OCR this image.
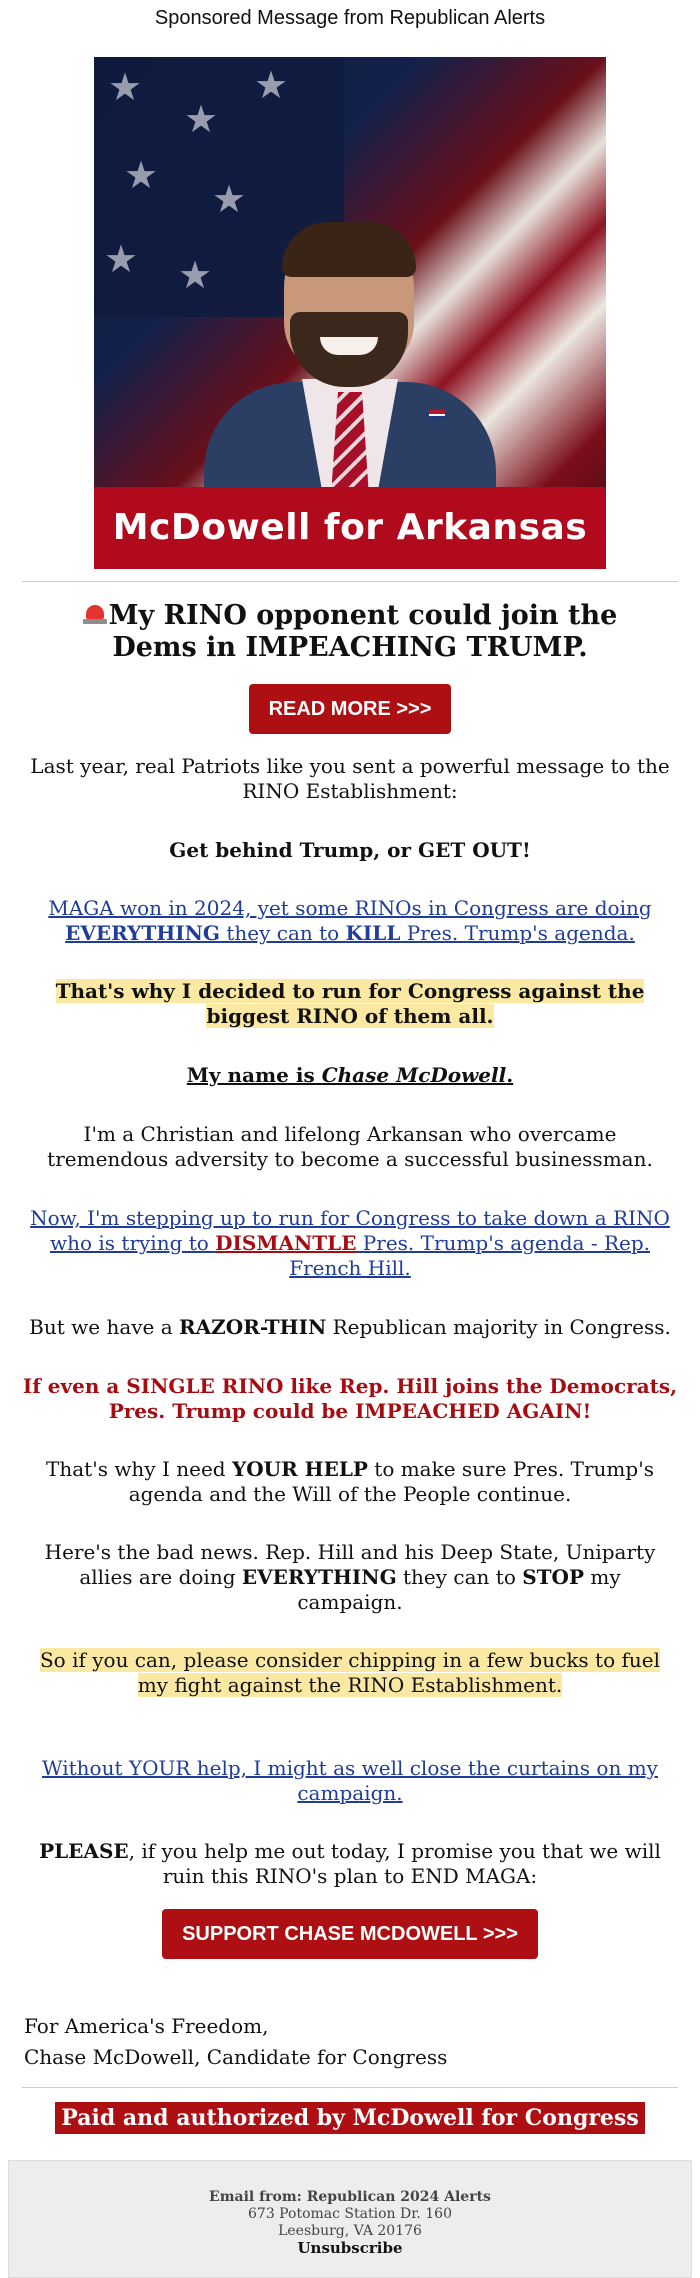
Sponsored Message from Republican Alerts
★
★
★
★
★
★ ★
McDowell for Arkansas
My RINO opponent could join the Dems in IMPEACHING TRUMP.
READ MORE >>>
Last year, real Patriots like you sent a powerful message to the RINO Establishment:
Get behind Trump, or GET OUT!
MAGA won in 2024, yet some RINOs in Congress are doing EVERYTHING they can to KILL Pres. Trump's agenda.
That's why I decided to run for Congress against the biggest RINO of them all.
My name is Chase McDowell.
I'm a Christian and lifelong Arkansan who overcame tremendous adversity to become a successful businessman.
Now, I'm stepping up to run for Congress to take down a RINO who is trying to DISMANTLE Pres. Trump's agenda - Rep. French Hill.
But we have a RAZOR-THIN Republican majority in Congress.
If even a SINGLE RINO like Rep. Hill joins the Democrats, Pres. Trump could be IMPEACHED AGAIN!
That's why I need YOUR HELP to make sure Pres. Trump's agenda and the Will of the People continue.
Here's the bad news. Rep. Hill and his Deep State, Uniparty allies are doing EVERYTHING they can to STOP my campaign.
So if you can, please consider chipping in a few bucks to fuel my fight against the RINO Establishment.
Without YOUR help, I might as well close the curtains on my campaign.
PLEASE, if you help me out today, I promise you that we will ruin this RINO's plan to END MAGA:
SUPPORT CHASE MCDOWELL >>>
For America's Freedom,
Chase McDowell, Candidate for Congress
Paid and authorized by McDowell for Congress
Email from: Republican 2024 Alerts
673 Potomac Station Dr. 160
Leesburg, VA 20176
Unsubscribe
